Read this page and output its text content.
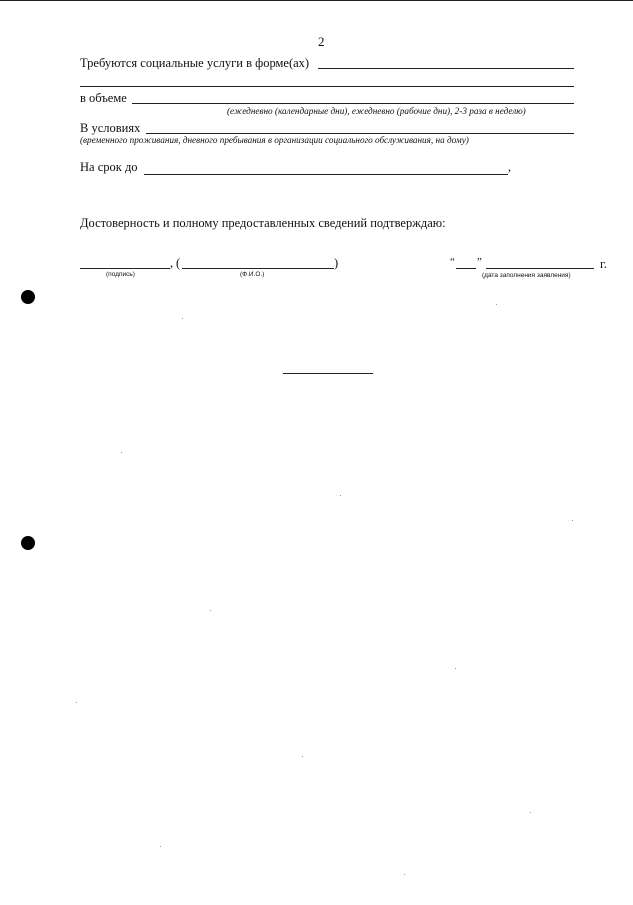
2
Требуются социальные услуги в форме(ах)
в объеме
(ежедневно (календарные дни), ежедневно (рабочие дни), 2-3 раза в неделю)
В условиях
(временного проживания, дневного пребывания в организации социального обслуживания, на дому)
На срок до	,
Достоверность и полному предоставленных сведений подтверждаю:
, (	)
(подпись)	(Ф.И.О.)
“ ”	г.
(дата заполнения заявления)
